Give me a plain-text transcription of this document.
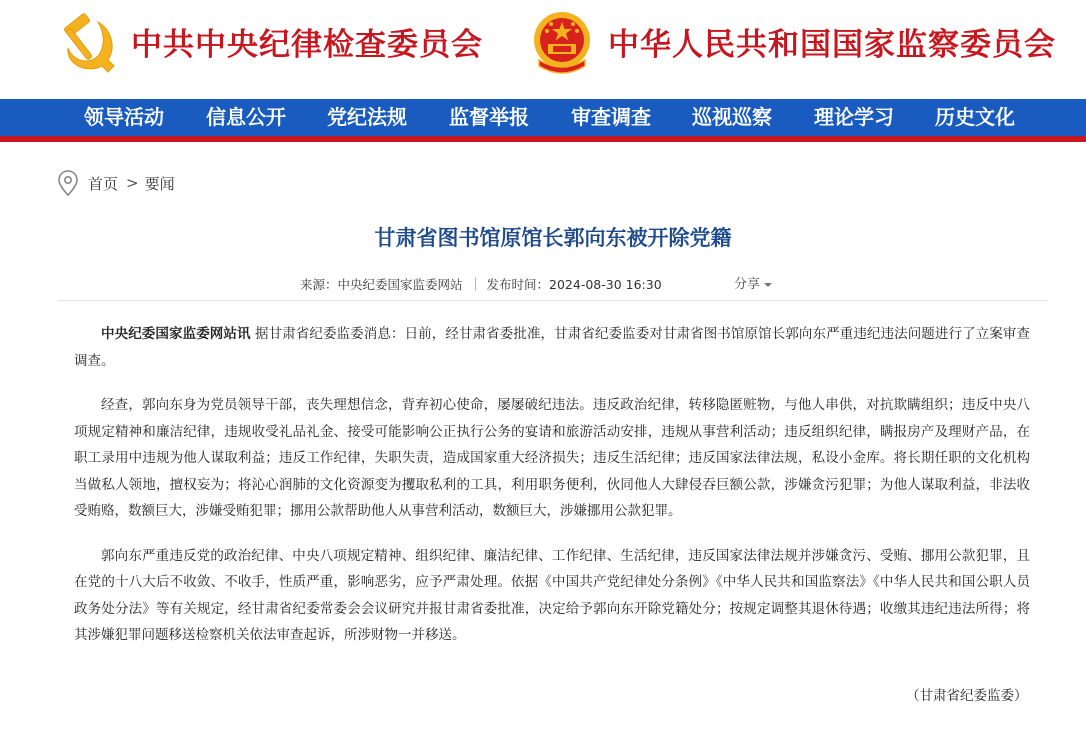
中共中央纪律检查委员会	中华人民共和国国家监察委员会
领导活动 信息公开 党纪法规 监督举报 审查调查 巡视巡察 理论学习 历史文化
首页 > 要闻
甘肃省图书馆原馆长郭向东被开除党籍
来源：中央纪委国家监委网站 发布时间：2024-08-30 16:30	分享

中央纪委国家监委网站讯 据甘肃省纪委监委消息：日前，经甘肃省委批准，甘肃省纪委监委对甘肃省图书馆原馆长郭向东严重违纪违法问题进行了立案审查调查。

经查，郭向东身为党员领导干部，丧失理想信念，背弃初心使命，屡屡破纪违法。违反政治纪律，转移隐匿赃物，与他人串供，对抗欺瞒组织；违反中央八项规定精神和廉洁纪律，违规收受礼品礼金、接受可能影响公正执行公务的宴请和旅游活动安排，违规从事营利活动；违反组织纪律，瞒报房产及理财产品，在职工录用中违规为他人谋取利益；违反工作纪律，失职失责，造成国家重大经济损失；违反生活纪律；违反国家法律法规，私设小金库。将长期任职的文化机构当做私人领地，擅权妄为；将沁心润肺的文化资源变为攫取私利的工具，利用职务便利，伙同他人大肆侵吞巨额公款，涉嫌贪污犯罪；为他人谋取利益，非法收受贿赂，数额巨大，涉嫌受贿犯罪；挪用公款帮助他人从事营利活动，数额巨大，涉嫌挪用公款犯罪。

郭向东严重违反党的政治纪律、中央八项规定精神、组织纪律、廉洁纪律、工作纪律、生活纪律，违反国家法律法规并涉嫌贪污、受贿、挪用公款犯罪，且在党的十八大后不收敛、不收手，性质严重，影响恶劣，应予严肃处理。依据《中国共产党纪律处分条例》《中华人民共和国监察法》《中华人民共和国公职人员政务处分法》等有关规定，经甘肃省纪委常委会会议研究并报甘肃省委批准，决定给予郭向东开除党籍处分；按规定调整其退休待遇；收缴其违纪违法所得；将其涉嫌犯罪问题移送检察机关依法审查起诉，所涉财物一并移送。

（甘肃省纪委监委）
